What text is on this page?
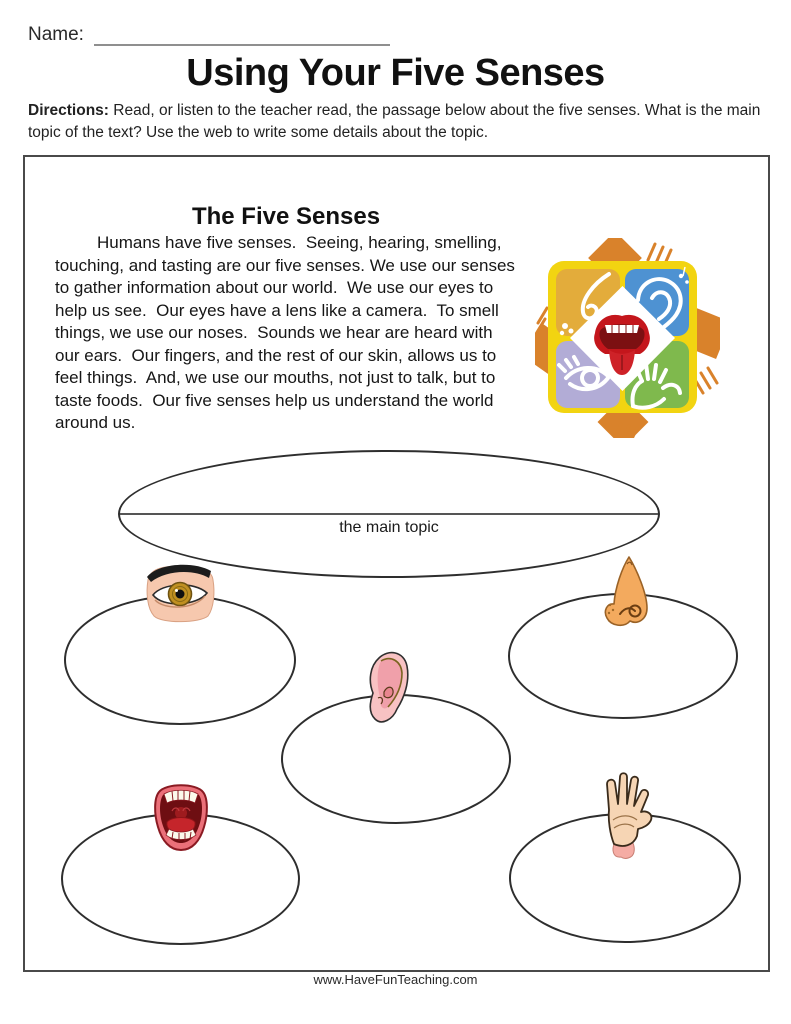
Name:
Using Your Five Senses
Directions: Read, or listen to the teacher read, the passage below about the five senses. What is the main topic of the text? Use the web to write some details about the topic.
The Five Senses
Humans have five senses.  Seeing, hearing, smelling, touching, and tasting are our five senses. We use our senses to gather information about our world.  We use our eyes to help us see.  Our eyes have a lens like a camera.  To smell things, we use our noses.  Sounds we hear are heard with our ears.  Our fingers, and the rest of our skin, allows us to feel things.  And, we use our mouths, not just to talk, but to taste foods.  Our five senses help us understand the world around us.
the main topic
www.HaveFunTeaching.com
